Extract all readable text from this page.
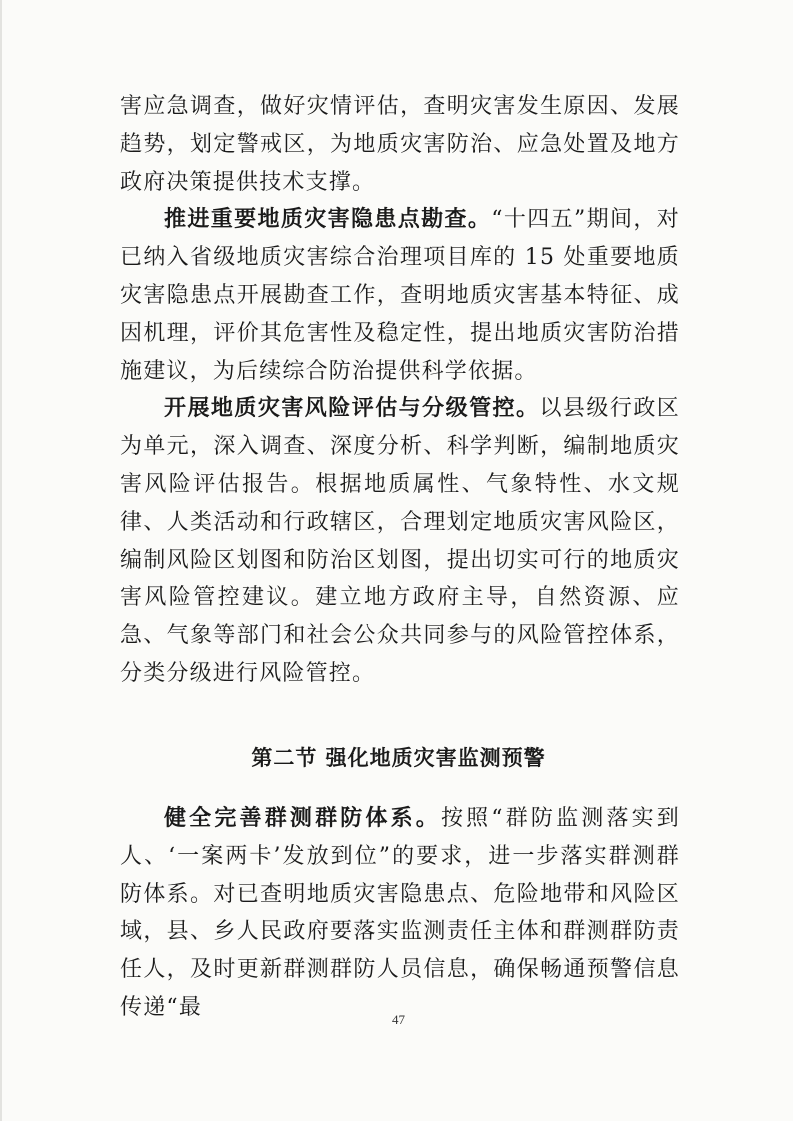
害应急调查，做好灾情评估，查明灾害发生原因、发展趋势，划定警戒区，为地质灾害防治、应急处置及地方政府决策提供技术支撑。

推进重要地质灾害隐患点勘查。“十四五”期间，对已纳入省级地质灾害综合治理项目库的 15 处重要地质灾害隐患点开展勘查工作，查明地质灾害基本特征、成因机理，评价其危害性及稳定性，提出地质灾害防治措施建议，为后续综合防治提供科学依据。

开展地质灾害风险评估与分级管控。以县级行政区为单元，深入调查、深度分析、科学判断，编制地质灾害风险评估报告。根据地质属性、气象特性、水文规律、人类活动和行政辖区，合理划定地质灾害风险区，编制风险区划图和防治区划图，提出切实可行的地质灾害风险管控建议。建立地方政府主导，自然资源、应急、气象等部门和社会公众共同参与的风险管控体系，分类分级进行风险管控。

第二节 强化地质灾害监测预警

健全完善群测群防体系。按照“群防监测落实到人、‘一案两卡’发放到位”的要求，进一步落实群测群防体系。对已查明地质灾害隐患点、危险地带和风险区域，县、乡人民政府要落实监测责任主体和群测群防责任人，及时更新群测群防人员信息，确保畅通预警信息传递“最	47
